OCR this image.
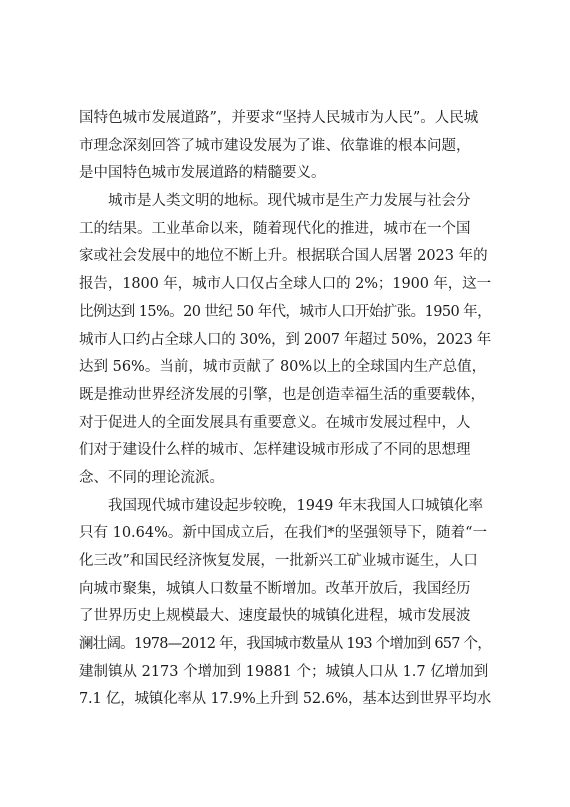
国特色城市发展道路”，并要求“坚持人民城市为人民”。人民城
市理念深刻回答了城市建设发展为了谁、依靠谁的根本问题，
是中国特色城市发展道路的精髓要义。
城市是人类文明的地标。现代城市是生产力发展与社会分
工的结果。工业革命以来，随着现代化的推进，城市在一个国
家或社会发展中的地位不断上升。根据联合国人居署 2023 年的
报告，1800 年，城市人口仅占全球人口的 2%；1900 年，这一
比例达到 15%。20 世纪 50 年代，城市人口开始扩张。1950 年，
城市人口约占全球人口的 30%，到 2007 年超过 50%，2023 年
达到 56%。当前，城市贡献了 80%以上的全球国内生产总值，
既是推动世界经济发展的引擎，也是创造幸福生活的重要载体，
对于促进人的全面发展具有重要意义。在城市发展过程中，人
们对于建设什么样的城市、怎样建设城市形成了不同的思想理
念、不同的理论流派。
我国现代城市建设起步较晚，1949 年末我国人口城镇化率
只有 10.64%。新中国成立后，在我们*的坚强领导下，随着“一
化三改”和国民经济恢复发展，一批新兴工矿业城市诞生，人口
向城市聚集，城镇人口数量不断增加。改革开放后，我国经历
了世界历史上规模最大、速度最快的城镇化进程，城市发展波
澜壮阔。1978—2012 年，我国城市数量从 193 个增加到 657 个，
建制镇从 2173 个增加到 19881 个；城镇人口从 1.7 亿增加到
7.1 亿，城镇化率从 17.9%上升到 52.6%，基本达到世界平均水
